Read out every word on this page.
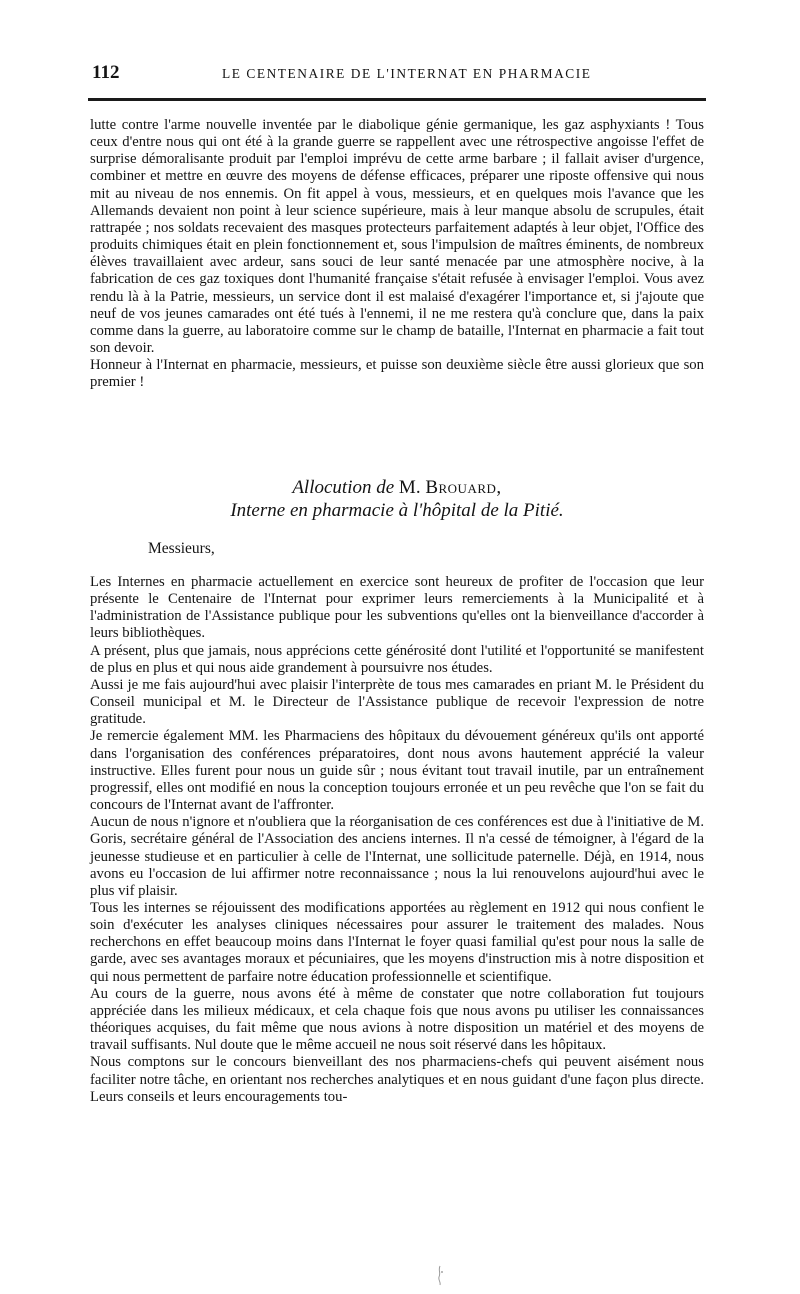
112	LE CENTENAIRE DE L'INTERNAT EN PHARMACIE

lutte contre l'arme nouvelle inventée par le diabolique génie germanique, les gaz asphyxiants ! Tous ceux d'entre nous qui ont été à la grande guerre se rappellent avec une rétrospective angoisse l'effet de surprise démoralisante produit par l'emploi imprévu de cette arme barbare ; il fallait aviser d'urgence, combiner et mettre en œuvre des moyens de défense efficaces, préparer une riposte offensive qui nous mit au niveau de nos ennemis. On fit appel à vous, messieurs, et en quelques mois l'avance que les Allemands devaient non point à leur science supérieure, mais à leur manque absolu de scrupules, était rattrapée ; nos soldats recevaient des masques protecteurs parfaitement adaptés à leur objet, l'Office des produits chimiques était en plein fonctionnement et, sous l'impulsion de maîtres éminents, de nombreux élèves travaillaient avec ardeur, sans souci de leur santé menacée par une atmosphère nocive, à la fabrication de ces gaz toxiques dont l'humanité française s'était refusée à envisager l'emploi. Vous avez rendu là à la Patrie, messieurs, un service dont il est malaisé d'exagérer l'importance et, si j'ajoute que neuf de vos jeunes camarades ont été tués à l'ennemi, il ne me restera qu'à conclure que, dans la paix comme dans la guerre, au laboratoire comme sur le champ de bataille, l'Internat en pharmacie a fait tout son devoir.

Honneur à l'Internat en pharmacie, messieurs, et puisse son deuxième siècle être aussi glorieux que son premier !

Allocution de M. Brouard,
Interne en pharmacie à l'hôpital de la Pitié.
Messieurs,

Les Internes en pharmacie actuellement en exercice sont heureux de profiter de l'occasion que leur présente le Centenaire de l'Internat pour exprimer leurs remerciements à la Municipalité et à l'administration de l'Assistance publique pour les subventions qu'elles ont la bienveillance d'accorder à leurs bibliothèques.

A présent, plus que jamais, nous apprécions cette générosité dont l'utilité et l'opportunité se manifestent de plus en plus et qui nous aide grandement à poursuivre nos études.

Aussi je me fais aujourd'hui avec plaisir l'interprète de tous mes camarades en priant M. le Président du Conseil municipal et M. le Directeur de l'Assistance publique de recevoir l'expression de notre gratitude.

Je remercie également MM. les Pharmaciens des hôpitaux du dévouement généreux qu'ils ont apporté dans l'organisation des conférences préparatoires, dont nous avons hautement apprécié la valeur instructive. Elles furent pour nous un guide sûr ; nous évitant tout travail inutile, par un entraînement progressif, elles ont modifié en nous la conception toujours erronée et un peu revêche que l'on se fait du concours de l'Internat avant de l'affronter.

Aucun de nous n'ignore et n'oubliera que la réorganisation de ces conférences est due à l'initiative de M. Goris, secrétaire général de l'Association des anciens internes. Il n'a cessé de témoigner, à l'égard de la jeunesse studieuse et en particulier à celle de l'Internat, une sollicitude paternelle. Déjà, en 1914, nous avons eu l'occasion de lui affirmer notre reconnaissance ; nous la lui renouvelons aujourd'hui avec le plus vif plaisir.

Tous les internes se réjouissent des modifications apportées au règlement en 1912 qui nous confient le soin d'exécuter les analyses cliniques nécessaires pour assurer le traitement des malades. Nous recherchons en effet beaucoup moins dans l'Internat le foyer quasi familial qu'est pour nous la salle de garde, avec ses avantages moraux et pécuniaires, que les moyens d'instruction mis à notre disposition et qui nous permettent de parfaire notre éducation professionnelle et scientifique.

Au cours de la guerre, nous avons été à même de constater que notre collaboration fut toujours appréciée dans les milieux médicaux, et cela chaque fois que nous avons pu utiliser les connaissances théoriques acquises, du fait même que nous avions à notre disposition un matériel et des moyens de travail suffisants. Nul doute que le même accueil ne nous soit réservé dans les hôpitaux.

Nous comptons sur le concours bienveillant des nos pharmaciens-chefs qui peuvent aisément nous faciliter notre tâche, en orientant nos recherches analytiques et en nous guidant d'une façon plus directe. Leurs conseils et leurs encouragements tou-
